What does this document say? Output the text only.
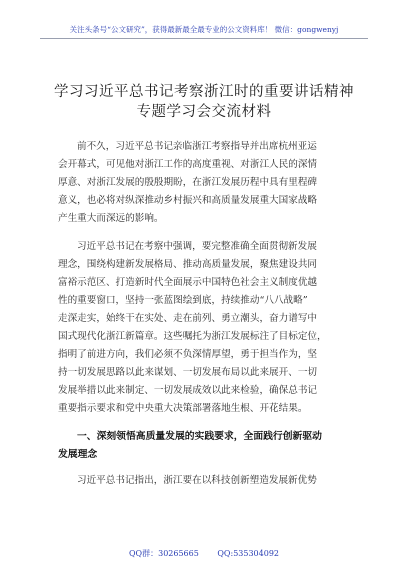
关注头条号“公文研究”，获得最新最全最专业的公文资料库！ 微信：gongwenyj
学习习近平总书记考察浙江时的重要讲话精神
专题学习会交流材料
前不久，习近平总书记亲临浙江考察指导并出席杭州亚运
会开幕式，可见他对浙江工作的高度重视、对浙江人民的深情
厚意、对浙江发展的殷殷期盼，在浙江发展历程中具有里程碑
意义，也必将对纵深推动乡村振兴和高质量发展重大国家战略
产生重大而深远的影响。
习近平总书记在考察中强调，要完整准确全面贯彻新发展
理念，围绕构建新发展格局、推动高质量发展，聚焦建设共同
富裕示范区、打造新时代全面展示中国特色社会主义制度优越
性的重要窗口，坚持一张蓝图绘到底，持续推动“八八战略”
走深走实，始终干在实处、走在前列、勇立潮头，奋力谱写中
国式现代化浙江新篇章。这些嘱托为浙江发展标注了目标定位，
指明了前进方向，我们必须不负深情厚望，勇于担当作为，坚
持一切发展思路以此来谋划、一切发展布局以此来展开、一切
发展举措以此来制定、一切发展成效以此来检验，确保总书记
重要指示要求和党中央重大决策部署落地生根、开花结果。
一、深刻领悟高质量发展的实践要求，全面践行创新驱动
发展理念
习近平总书记指出，浙江要在以科技创新塑造发展新优势
QQ群：30265665 QQ:535304092
